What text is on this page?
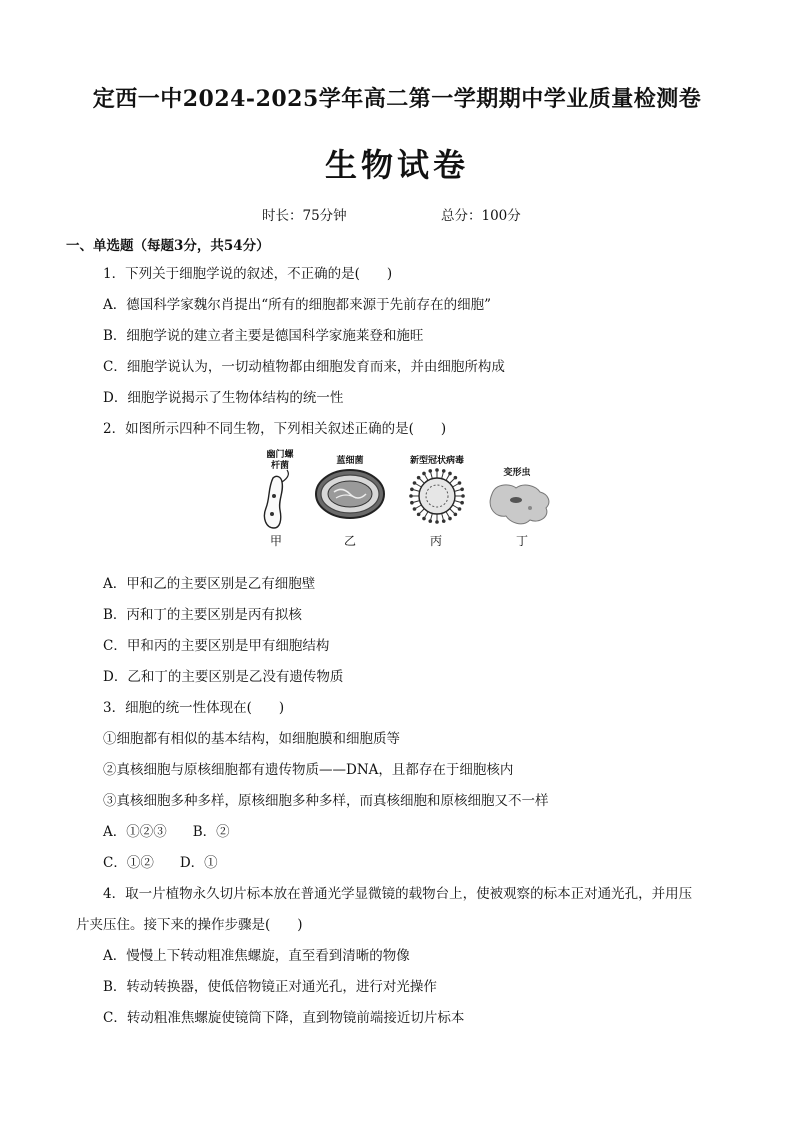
定西一中2024-2025学年高二第一学期期中学业质量检测卷
生物试卷
时长：75分钟	总分：100分
一、单选题（每题3分，共54分）
1．下列关于细胞学说的叙述，不正确的是(　　)
A．德国科学家魏尔肖提出“所有的细胞都来源于先前存在的细胞”
B．细胞学说的建立者主要是德国科学家施莱登和施旺
C．细胞学说认为，一切动植物都由细胞发育而来，并由细胞所构成
D．细胞学说揭示了生物体结构的统一性
2．如图所示四种不同生物，下列相关叙述正确的是(　　)
幽门螺
杆菌	蓝细菌	新型冠状病毒
变形虫
甲	乙	丙	丁
A．甲和乙的主要区别是乙有细胞壁
B．丙和丁的主要区别是丙有拟核
C．甲和丙的主要区别是甲有细胞结构
D．乙和丁的主要区别是乙没有遗传物质
3．细胞的统一性体现在(　　)
①细胞都有相似的基本结构，如细胞膜和细胞质等
②真核细胞与原核细胞都有遗传物质——DNA，且都存在于细胞核内
③真核细胞多种多样，原核细胞多种多样，而真核细胞和原核细胞又不一样
A．①②③ B．②
C．①② D．①
4．取一片植物永久切片标本放在普通光学显微镜的载物台上，使被观察的标本正对通光孔，并用压
片夹压住。接下来的操作步骤是(　　)
A．慢慢上下转动粗准焦螺旋，直至看到清晰的物像
B．转动转换器，使低倍物镜正对通光孔，进行对光操作
C．转动粗准焦螺旋使镜筒下降，直到物镜前端接近切片标本
